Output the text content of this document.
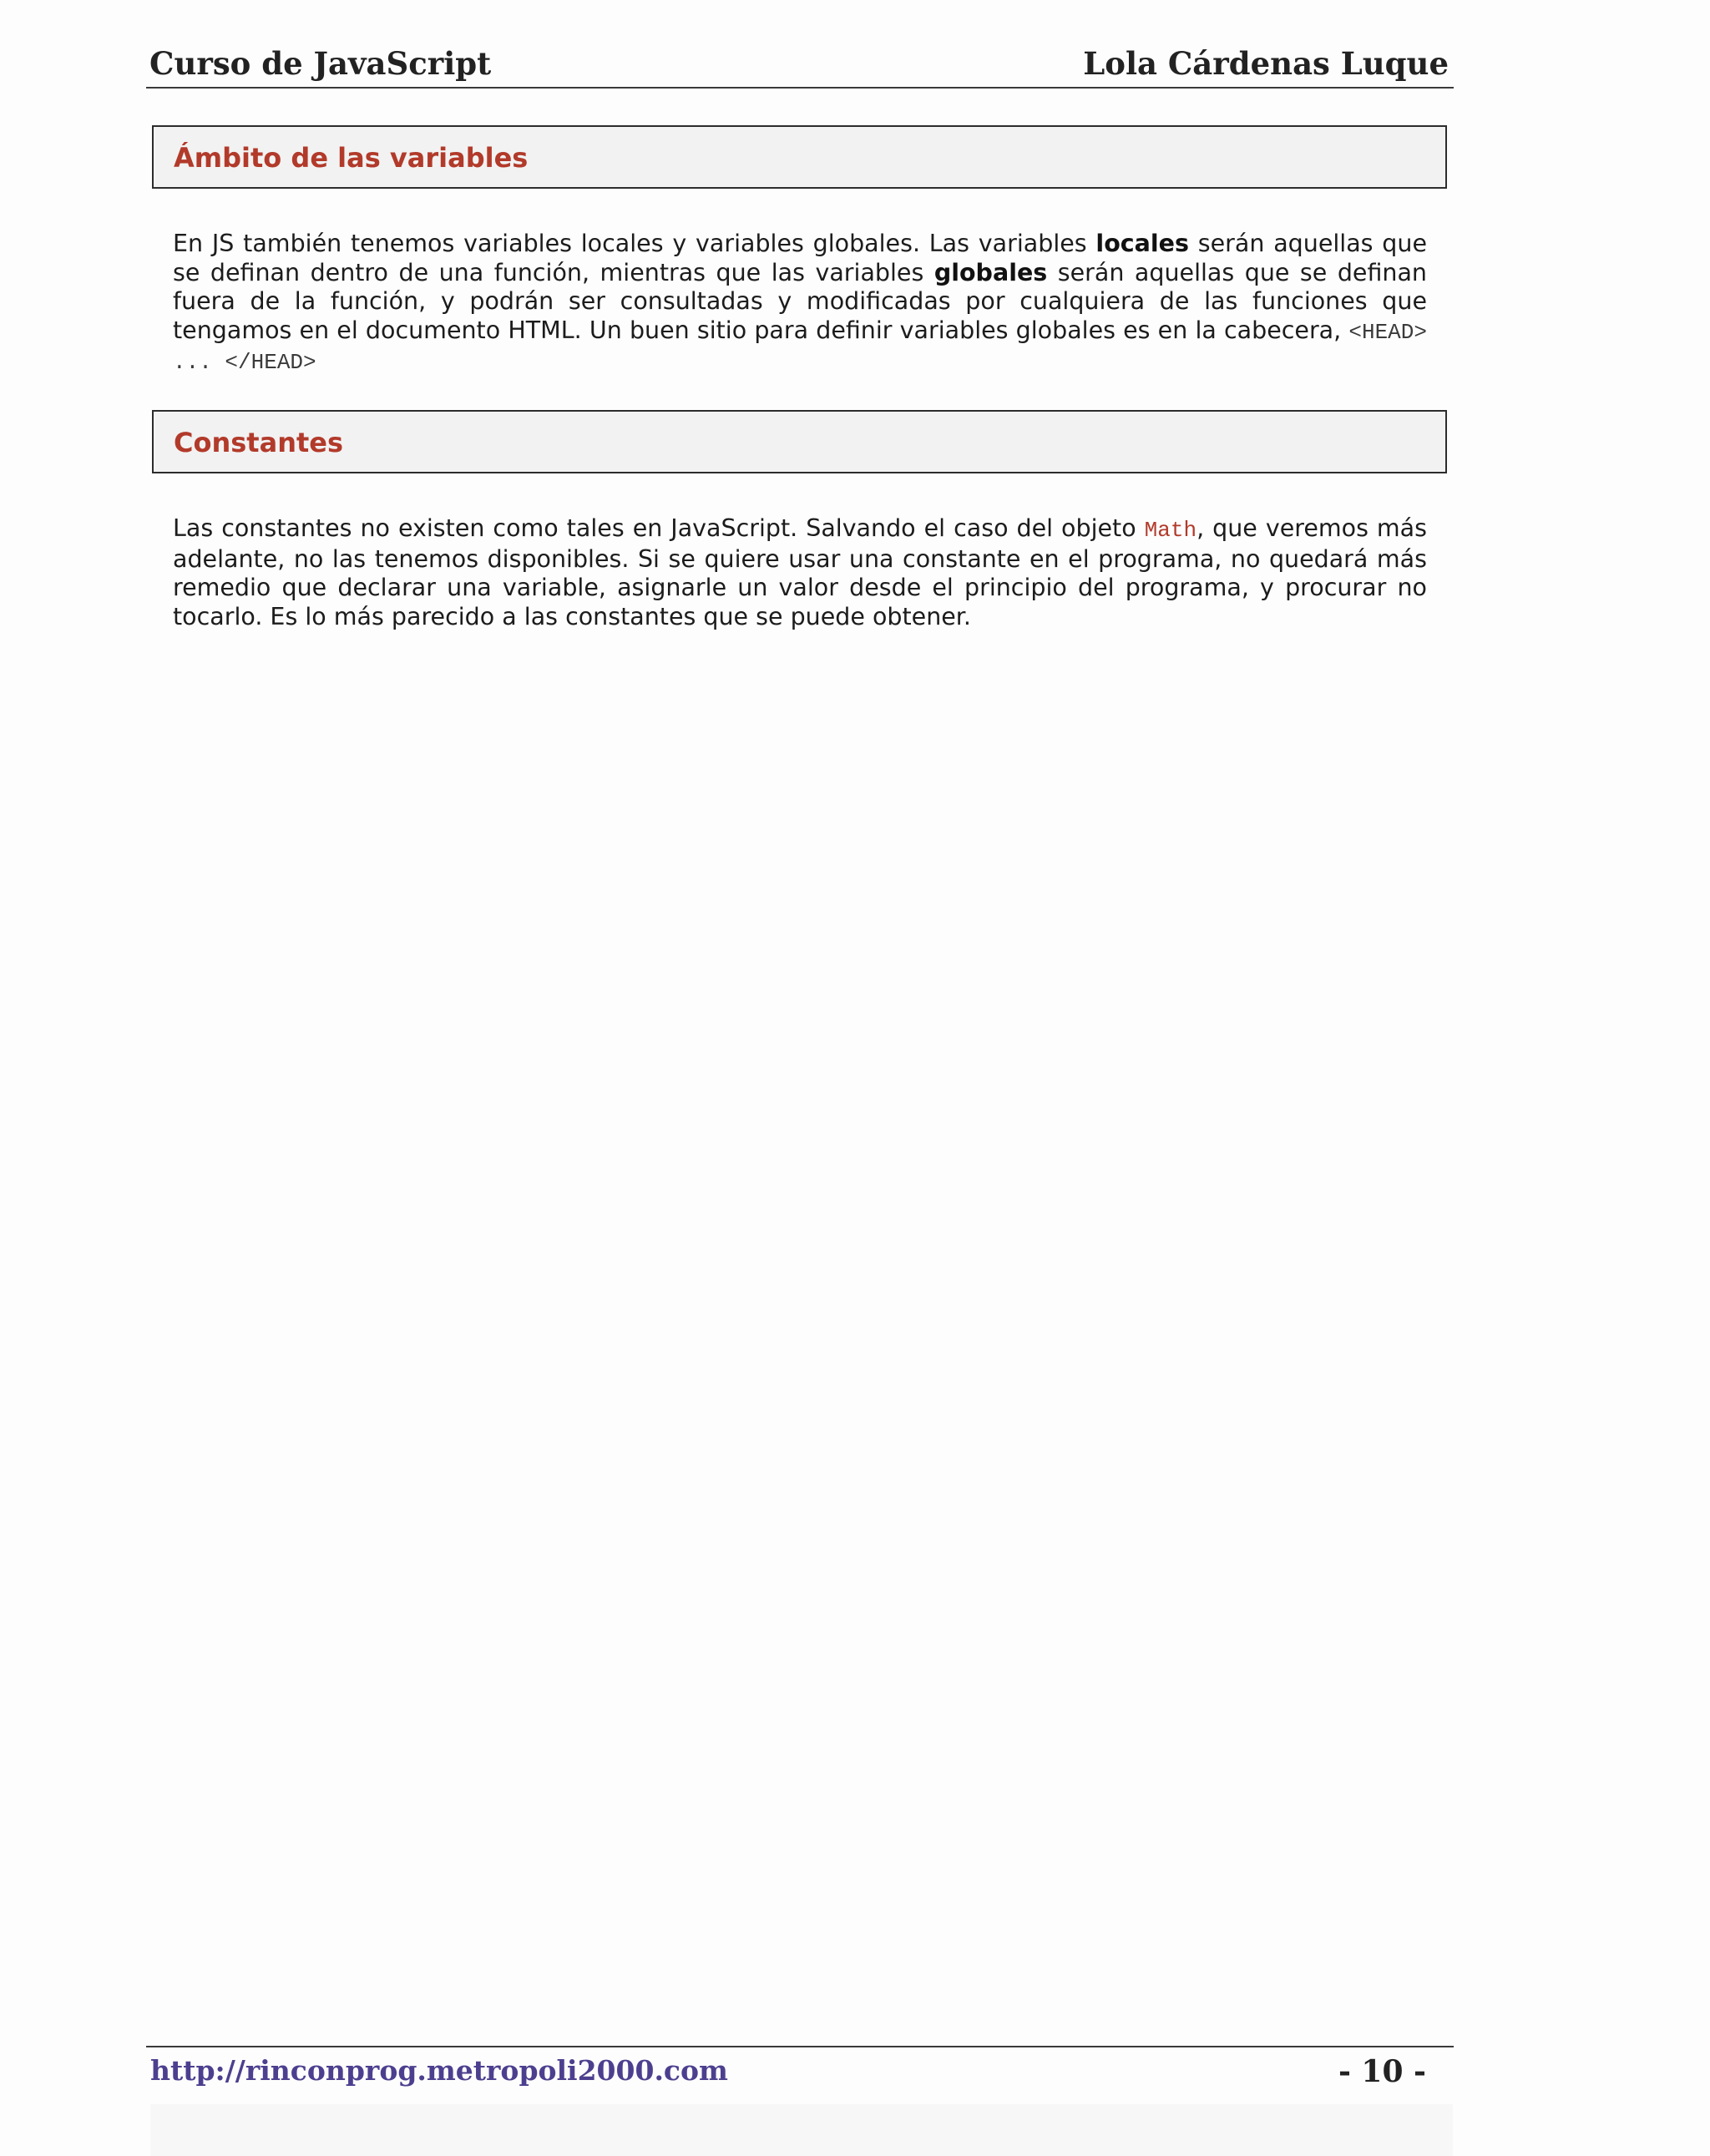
Curso de JavaScript	Lola Cárdenas Luque
Ámbito de las variables
En JS también tenemos variables locales y variables globales. Las variables locales serán aquellas que se definan dentro de una función, mientras que las variables globales serán aquellas que se definan fuera de la función, y podrán ser consultadas y modificadas por cualquiera de las funciones que tengamos en el documento HTML. Un buen sitio para definir variables globales es en la cabecera, <HEAD> ... </HEAD>
Constantes
Las constantes no existen como tales en JavaScript. Salvando el caso del objeto Math, que veremos más adelante, no las tenemos disponibles. Si se quiere usar una constante en el programa, no quedará más remedio que declarar una variable, asignarle un valor desde el principio del programa, y procurar no tocarlo. Es lo más parecido a las constantes que se puede obtener.
http://rinconprog.metropoli2000.com	- 10 -
